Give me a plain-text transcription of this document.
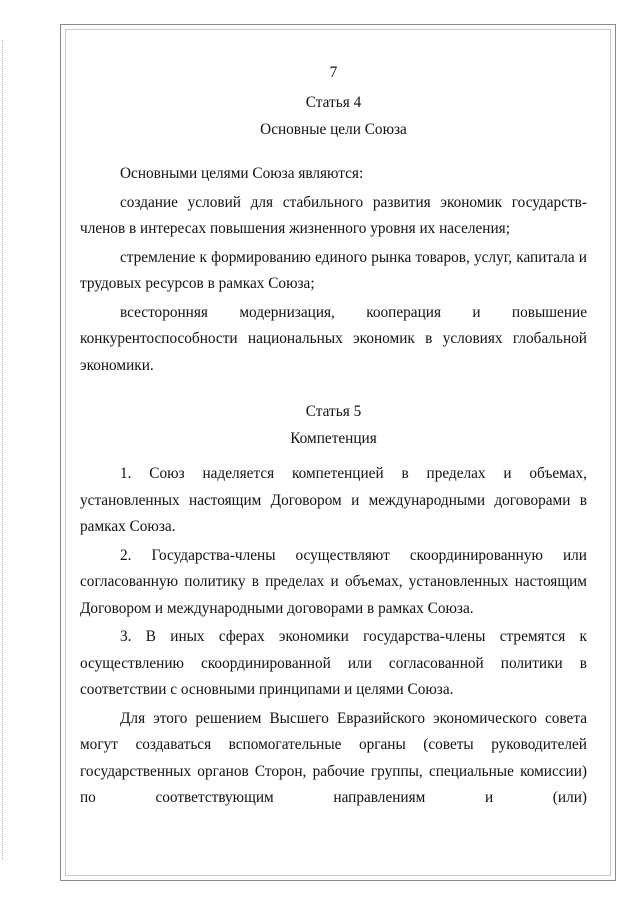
7
Статья 4
Основные цели Союза
Основными целями Союза являются:
создание условий для стабильного развития экономик государств-членов в интересах повышения жизненного уровня их населения;
стремление к формированию единого рынка товаров, услуг, капитала и трудовых ресурсов в рамках Союза;
всесторонняя модернизация, кооперация и повышение конкурентоспособности национальных экономик в условиях глобальной экономики.
Статья 5
Компетенция
1. Союз наделяется компетенцией в пределах и объемах, установленных настоящим Договором и международными договорами в рамках Союза.
2. Государства-члены осуществляют скоординированную или согласованную политику в пределах и объемах, установленных настоящим Договором и международными договорами в рамках Союза.
3. В иных сферах экономики государства-члены стремятся к осуществлению скоординированной или согласованной политики в соответствии с основными принципами и целями Союза.
Для этого решением Высшего Евразийского экономического совета могут создаваться вспомогательные органы (советы руководителей государственных органов Сторон, рабочие группы, специальные комиссии) по соответствующим направлениям и (или)
